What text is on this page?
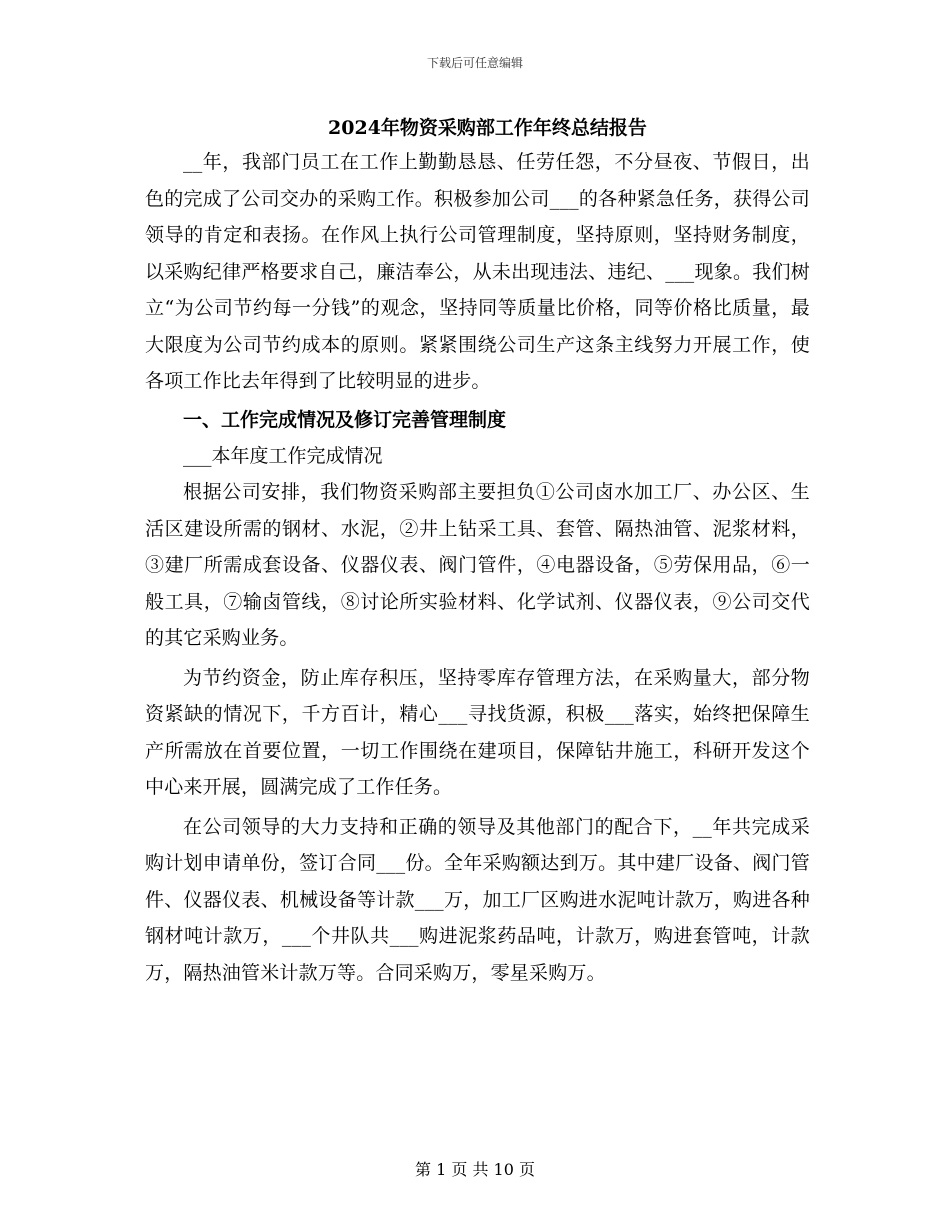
下载后可任意编辑
2024年物资采购部工作年终总结报告

__年，我部门员工在工作上勤勤恳恳、任劳任怨，不分昼夜、节假日，出色的完成了公司交办的采购工作。积极参加公司___的各种紧急任务，获得公司领导的肯定和表扬。在作风上执行公司管理制度，坚持原则，坚持财务制度，以采购纪律严格要求自己，廉洁奉公，从未出现违法、违纪、___现象。我们树立“为公司节约每一分钱”的观念，坚持同等质量比价格，同等价格比质量，最大限度为公司节约成本的原则。紧紧围绕公司生产这条主线努力开展工作，使各项工作比去年得到了比较明显的进步。

一、工作完成情况及修订完善管理制度

___本年度工作完成情况

根据公司安排，我们物资采购部主要担负①公司卤水加工厂、办公区、生活区建设所需的钢材、水泥，②井上钻采工具、套管、隔热油管、泥浆材料，③建厂所需成套设备、仪器仪表、阀门管件，④电器设备，⑤劳保用品，⑥一般工具，⑦输卤管线，⑧讨论所实验材料、化学试剂、仪器仪表，⑨公司交代的其它采购业务。

为节约资金，防止库存积压，坚持零库存管理方法，在采购量大，部分物资紧缺的情况下，千方百计，精心___寻找货源，积极___落实，始终把保障生产所需放在首要位置，一切工作围绕在建项目，保障钻井施工，科研开发这个中心来开展，圆满完成了工作任务。

在公司领导的大力支持和正确的领导及其他部门的配合下，__年共完成采购计划申请单份，签订合同___份。全年采购额达到万。其中建厂设备、阀门管件、仪器仪表、机械设备等计款___万，加工厂区购进水泥吨计款万，购进各种钢材吨计款万，___个井队共___购进泥浆药品吨，计款万，购进套管吨，计款万，隔热油管米计款万等。合同采购万，零星采购万。

第 1 页 共 10 页
